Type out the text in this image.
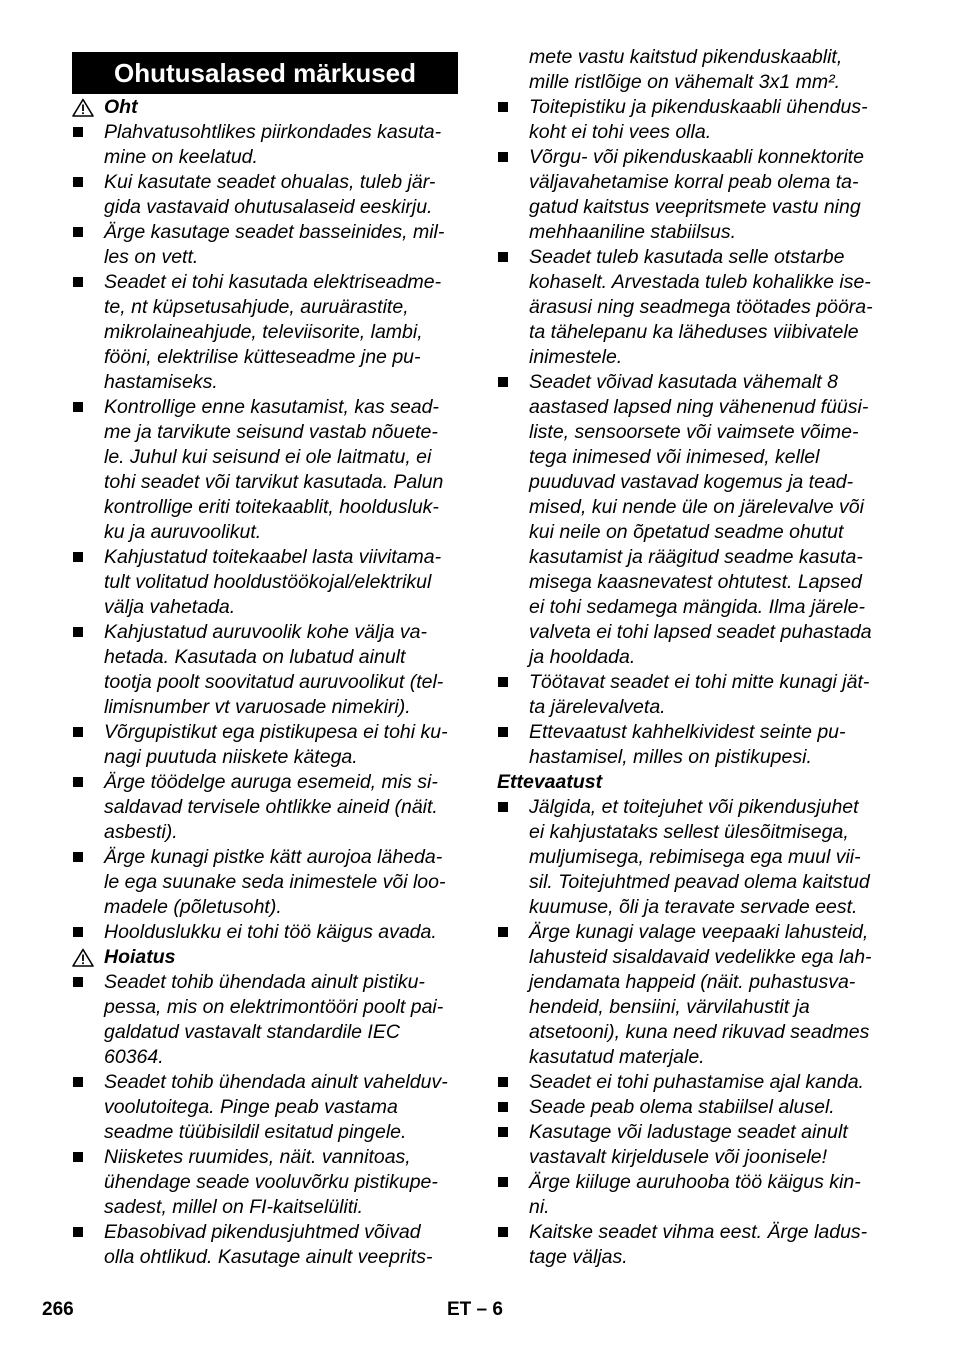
Ohutusalased märkused
Oht
Plahvatusohtlikes piirkondades kasuta-
mine on keelatud.
Kui kasutate seadet ohualas, tuleb jär-
gida vastavaid ohutusalaseid eeskirju.
Ärge kasutage seadet basseinides, mil-
les on vett.
Seadet ei tohi kasutada elektriseadme-
te, nt küpsetusahjude, auruärastite,
mikrolaineahjude, televiisorite, lambi,
fööni, elektrilise kütteseadme jne pu-
hastamiseks.
Kontrollige enne kasutamist, kas sead-
me ja tarvikute seisund vastab nõuete-
le. Juhul kui seisund ei ole laitmatu, ei
tohi seadet või tarvikut kasutada. Palun
kontrollige eriti toitekaablit, hooldusluk-
ku ja auruvoolikut.
Kahjustatud toitekaabel lasta viivitama-
tult volitatud hooldustöökojal/elektrikul
välja vahetada.
Kahjustatud auruvoolik kohe välja va-
hetada. Kasutada on lubatud ainult
tootja poolt soovitatud auruvoolikut (tel-
limisnumber vt varuosade nimekiri).
Võrgupistikut ega pistikupesa ei tohi ku-
nagi puutuda niiskete kätega.
Ärge töödelge auruga esemeid, mis si-
saldavad tervisele ohtlikke aineid (näit.
asbesti).
Ärge kunagi pistke kätt aurojoa läheda-
le ega suunake seda inimestele või loo-
madele (põletusoht).
Hoolduslukku ei tohi töö käigus avada.
Hoiatus
Seadet tohib ühendada ainult pistiku-
pessa, mis on elektrimontööri poolt pai-
galdatud vastavalt standardile IEC
60364.
Seadet tohib ühendada ainult vahelduv-
voolutoitega. Pinge peab vastama
seadme tüübisildil esitatud pingele.
Niisketes ruumides, näit. vannitoas,
ühendage seade vooluvõrku pistikupe-
sadest, millel on FI-kaitselüliti.
Ebasobivad pikendusjuhtmed võivad
olla ohtlikud. Kasutage ainult veeprits-
mete vastu kaitstud pikenduskaablit,
mille ristlõige on vähemalt 3x1 mm².
Toitepistiku ja pikenduskaabli ühendus-
koht ei tohi vees olla.
Võrgu- või pikenduskaabli konnektorite
väljavahetamise korral peab olema ta-
gatud kaitstus veepritsmete vastu ning
mehhaaniline stabiilsus.
Seadet tuleb kasutada selle otstarbe
kohaselt. Arvestada tuleb kohalikke ise-
ärasusi ning seadmega töötades pööra-
ta tähelepanu ka läheduses viibivatele
inimestele.
Seadet võivad kasutada vähemalt 8
aastased lapsed ning vähenenud füüsi-
liste, sensoorsete või vaimsete võime-
tega inimesed või inimesed, kellel
puuduvad vastavad kogemus ja tead-
mised, kui nende üle on järelevalve või
kui neile on õpetatud seadme ohutut
kasutamist ja räägitud seadme kasuta-
misega kaasnevatest ohtutest. Lapsed
ei tohi sedamega mängida. Ilma järele-
valveta ei tohi lapsed seadet puhastada
ja hooldada.
Töötavat seadet ei tohi mitte kunagi jät-
ta järelevalveta.
Ettevaatust kahhelkividest seinte pu-
hastamisel, milles on pistikupesi.
Ettevaatust
Jälgida, et toitejuhet või pikendusjuhet
ei kahjustataks sellest ülesõitmisega,
muljumisega, rebimisega ega muul vii-
sil. Toitejuhtmed peavad olema kaitstud
kuumuse, õli ja teravate servade eest.
Ärge kunagi valage veepaaki lahusteid,
lahusteid sisaldavaid vedelikke ega lah-
jendamata happeid (näit. puhastusva-
hendeid, bensiini, värvilahustit ja
atsetooni), kuna need rikuvad seadmes
kasutatud materjale.
Seadet ei tohi puhastamise ajal kanda.
Seade peab olema stabiilsel alusel.
Kasutage või ladustage seadet ainult
vastavalt kirjeldusele või joonisele!
Ärge kiiluge auruhooba töö käigus kin-
ni.
Kaitske seadet vihma eest. Ärge ladus-
tage väljas.
266	ET – 6
